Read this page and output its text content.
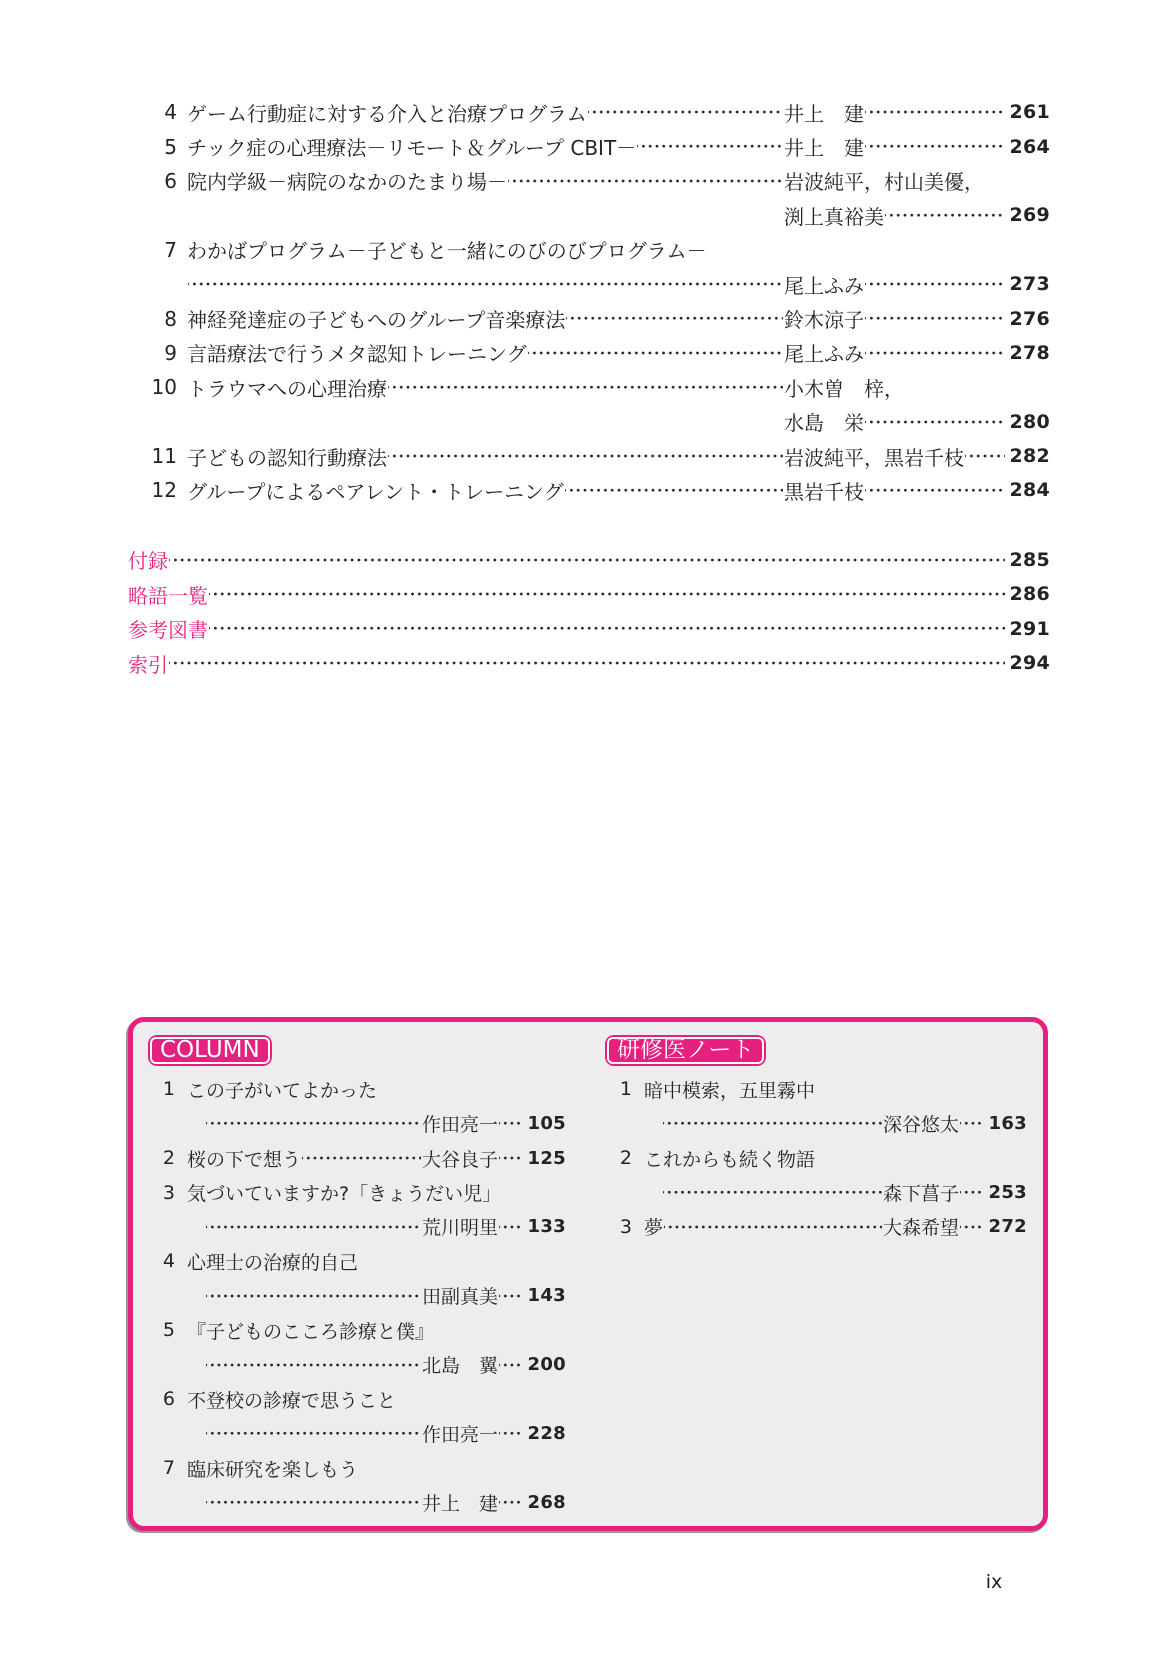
4 ゲーム行動症に対する介入と治療プログラム	井上　建	261
5 チック症の心理療法－リモート＆グループ CBIT－	井上　建	264
6 院内学級－病院のなかのたまり場－	岩波純平，村山美優，
渕上真裕美	269
7 わかばプログラム－子どもと一緒にのびのびプログラム－
尾上ふみ	273
8 神経発達症の子どもへのグループ音楽療法	鈴木涼子	276
9 言語療法で行うメタ認知トレーニング	尾上ふみ	278
10 トラウマへの心理治療	小木曽　梓，
水島　栄	280
11 子どもの認知行動療法	岩波純平，黒岩千枝 282
12 グループによるペアレント・トレーニング	黒岩千枝	284
付録	285
略語一覧	286
参考図書	291
索引	294
COLUMN	研修医ノート
1 この子がいてよかった
作田亮一	105
2 桜の下で想う	大谷良子	125
3 気づいていますか?「きょうだい児」
荒川明里	133
4 心理士の治療的自己
田副真美	143
5 『子どものこころ診療と僕』
北島　翼	200
6 不登校の診療で思うこと
作田亮一	228
7 臨床研究を楽しもう
井上　建	268
1 暗中模索，五里霧中
深谷悠太	163
2 これからも続く物語
森下菖子	253
3 夢	大森希望	272
ix
